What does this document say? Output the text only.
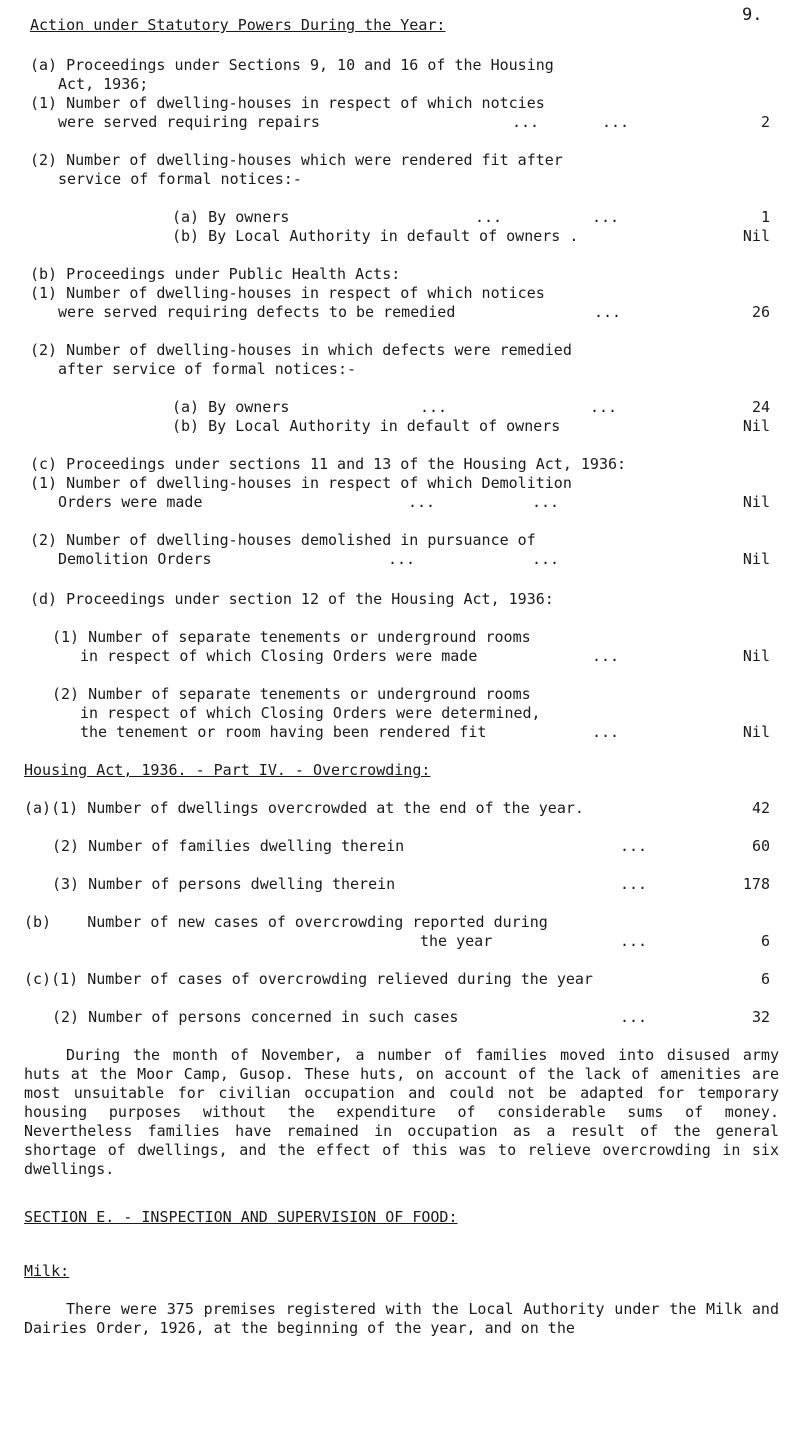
9.
Action under Statutory Powers During the Year:
(a) Proceedings under Sections 9, 10 and 16 of the Housing
Act, 1936;
(1) Number of dwelling-houses in respect of which notcies
were served requiring repairs	...	...	2
(2) Number of dwelling-houses which were rendered fit after
service of formal notices:-
(a) By owners	...	...	1
(b) By Local Authority in default of owners .	Nil
(b) Proceedings under Public Health Acts:
(1) Number of dwelling-houses in respect of which notices
were served requiring defects to be remedied	...	26
(2) Number of dwelling-houses in which defects were remedied
after service of formal notices:-
(a) By owners	...	...	24
(b) By Local Authority in default of owners	Nil
(c) Proceedings under sections 11 and 13 of the Housing Act, 1936:
(1) Number of dwelling-houses in respect of which Demolition
Orders were made	...	...	Nil
(2) Number of dwelling-houses demolished in pursuance of
Demolition Orders	...	...	Nil
(d) Proceedings under section 12 of the Housing Act, 1936:
(1) Number of separate tenements or underground rooms
in respect of which Closing Orders were made	...	Nil
(2) Number of separate tenements or underground rooms
in respect of which Closing Orders were determined,
the tenement or room having been rendered fit	...	Nil
Housing Act, 1936. - Part IV. - Overcrowding:
(a)(1) Number of dwellings overcrowded at the end of the year.	42
(2) Number of families dwelling therein	...	60
(3) Number of persons dwelling therein	...	178
(b)    Number of new cases of overcrowding reported during
the year	...	6
(c)(1) Number of cases of overcrowding relieved during the year	6
(2) Number of persons concerned in such cases	...	32
During the month of November, a number of families moved into disused army huts at the Moor Camp, Gusop. These huts, on account of the lack of amenities are most unsuitable for civilian occupation and could not be adapted for temporary housing purposes without the expenditure of considerable sums of money. Nevertheless families have remained in occupation as a result of the general shortage of dwellings, and the effect of this was to relieve overcrowding in six dwellings.
SECTION E. - INSPECTION AND SUPERVISION OF FOOD:
Milk:
There were 375 premises registered with the Local Authority under the Milk and Dairies Order, 1926, at the beginning of the year, and on the
